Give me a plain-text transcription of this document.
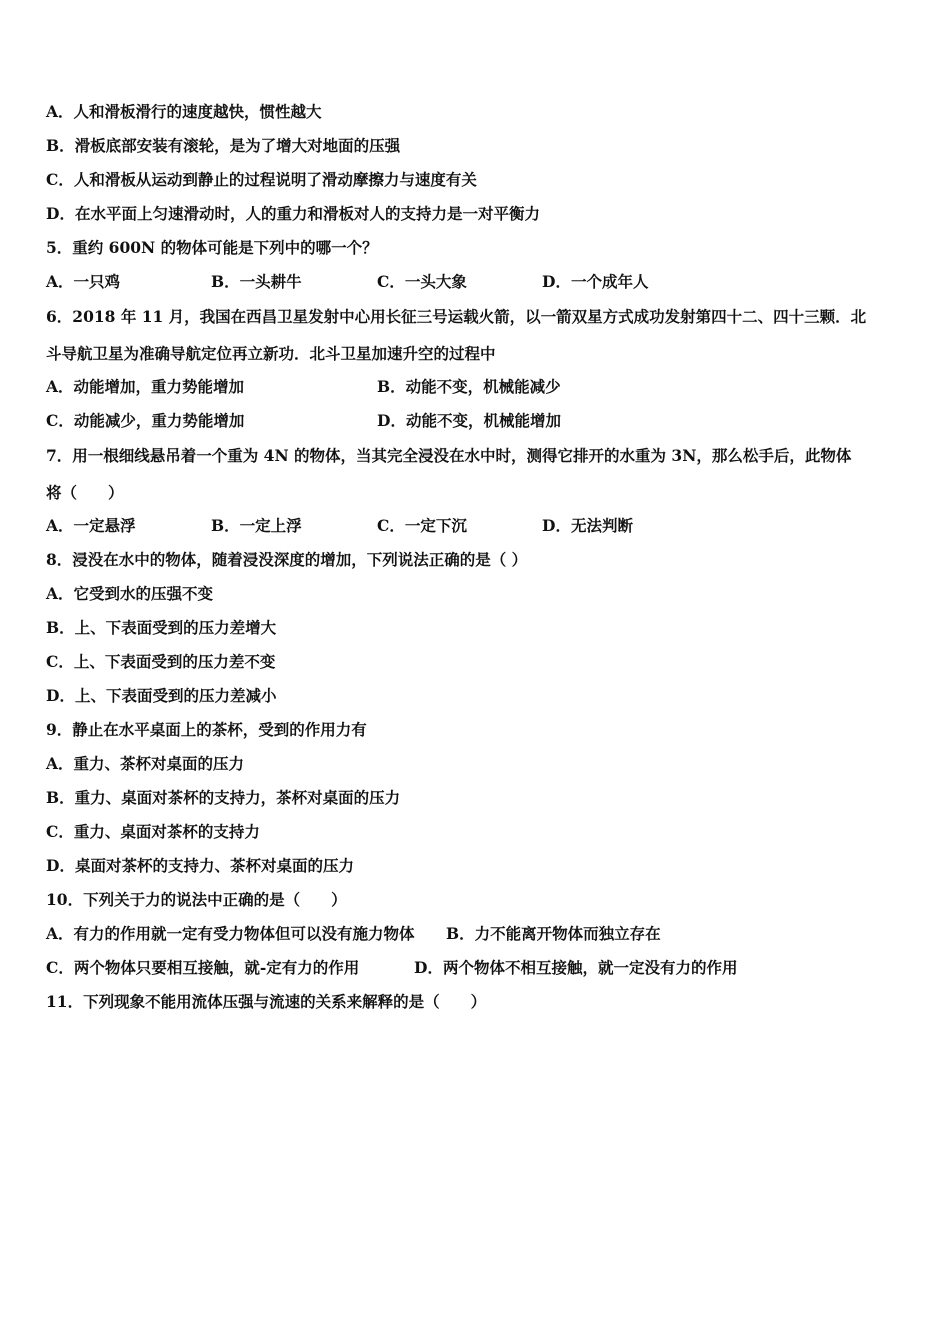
A．人和滑板滑行的速度越快，惯性越大
B．滑板底部安装有滚轮，是为了增大对地面的压强
C．人和滑板从运动到静止的过程说明了滑动摩擦力与速度有关
D．在水平面上匀速滑动时，人的重力和滑板对人的支持力是一对平衡力
5．重约 600N 的物体可能是下列中的哪一个？
A．一只鸡	B．一头耕牛	C．一头大象	D．一个成年人
6．2018 年 11 月，我国在西昌卫星发射中心用长征三号运载火箭，以一箭双星方式成功发射第四十二、四十三颗．北
斗导航卫星为准确导航定位再立新功．北斗卫星加速升空的过程中
A．动能增加，重力势能增加	B．动能不变，机械能减少
C．动能减少，重力势能增加	D．动能不变，机械能增加
7．用一根细线悬吊着一个重为 4N 的物体，当其完全浸没在水中时，测得它排开的水重为 3N，那么松手后，此物体
将（　　）
A．一定悬浮	B．一定上浮	C．一定下沉	D．无法判断
8．浸没在水中的物体，随着浸没深度的增加，下列说法正确的是（ ）
A．它受到水的压强不变
B．上、下表面受到的压力差增大
C．上、下表面受到的压力差不变
D．上、下表面受到的压力差减小
9．静止在水平桌面上的茶杯，受到的作用力有
A．重力、茶杯对桌面的压力
B．重力、桌面对茶杯的支持力，茶杯对桌面的压力
C．重力、桌面对茶杯的支持力
D．桌面对茶杯的支持力、茶杯对桌面的压力
10．下列关于力的说法中正确的是（　　）
A．有力的作用就一定有受力物体但可以没有施力物体 B．力不能离开物体而独立存在
C．两个物体只要相互接触，就-定有力的作用	D．两个物体不相互接触，就一定没有力的作用
11．下列现象不能用流体压强与流速的关系来解释的是（　　）
